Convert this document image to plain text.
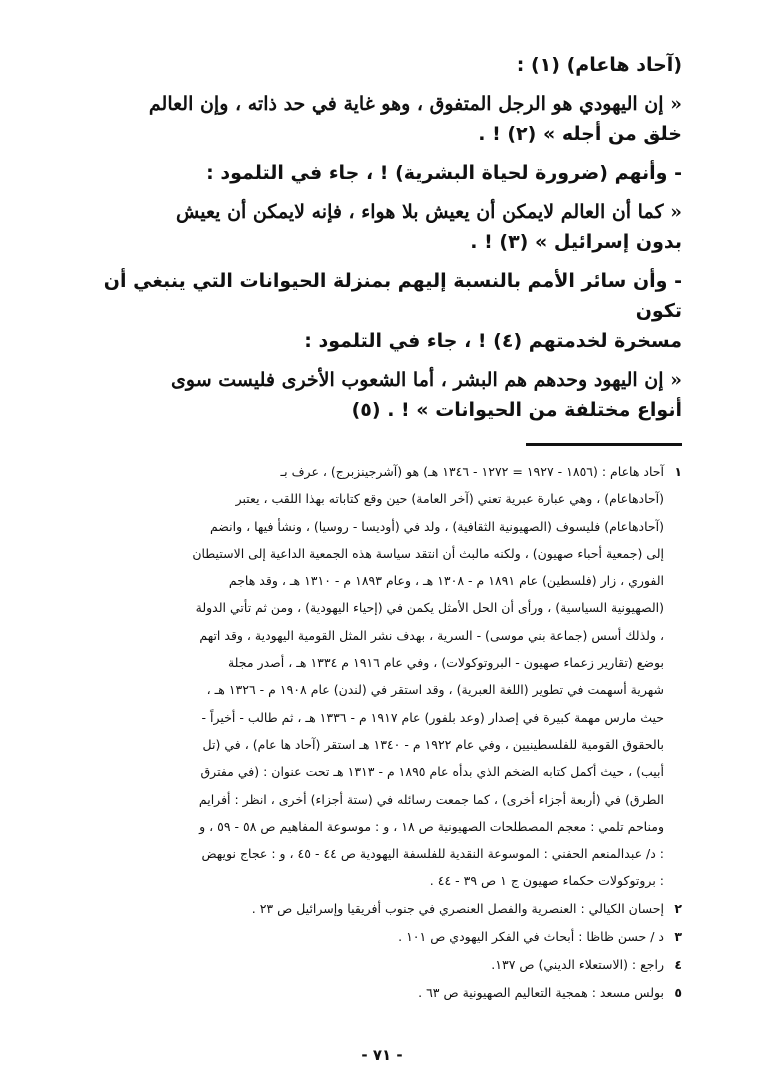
(آحاد هاعام) (١) :

« إن اليهودي هو الرجل المتفوق ، وهو غاية في حد ذاته ، وإن العالم

خلق من أجله » (٢) ! .

- وأنهم (ضرورة لحياة البشرية) ! ، جاء في التلمود :

« كما أن العالم لايمكن أن يعيش بلا هواء ، فإنه لايمكن أن يعيش

بدون إسرائيل » (٣) ! .

- وأن سائر الأمم بالنسبة إليهم بمنزلة الحيوانات التي ينبغي أن تكون

مسخرة لخدمتهم (٤) ! ، جاء في التلمود :

« إن اليهود وحدهم هم البشر ، أما الشعوب الأخرى فليست سوى

أنواع مختلفة من الحيوانات » ! . (٥)

١
آحاد هاعام : (١٨٥٦ - ١٩٢٧ = ١٢٧٢ - ١٣٤٦ هـ) هو (آشرجينزبرج) ، عرف بـ
(آحادهاعام) ، وهي عبارة عبرية تعني (آخر العامة) حين وقع كتاباته بهذا اللقب ، يعتبر
(آحادهاعام) فليسوف (الصهيونية الثقافية) ، ولد في (أوديسا - روسيا) ، ونشأ فيها ، وانضم
إلى (جمعية أحباء صهيون) ، ولكنه مالبث أن انتقد سياسة هذه الجمعية الداعية إلى الاستيطان
الفوري ، زار (فلسطين) عام ١٨٩١ م - ١٣٠٨ هـ ، وعام ١٨٩٣ م - ١٣١٠ هـ ، وقد هاجم
(الصهيونية السياسية) ، ورأى أن الحل الأمثل يكمن في (إحياء اليهودية) ، ومن ثم تأتي الدولة
، ولذلك أسس (جماعة بني موسى) - السرية ، بهدف نشر المثل القومية اليهودية ، وقد اتهم
بوضع (تقارير زعماء صهيون - البروتوكولات) ، وفي عام ١٩١٦ م ١٣٣٤ هـ ، أصدر مجلة
شهرية أسهمت في تطوير (اللغة العبرية) ، وقد استقر في (لندن) عام ١٩٠٨ م - ١٣٢٦ هـ ،
حيث مارس مهمة كبيرة في إصدار (وعد بلفور) عام ١٩١٧ م - ١٣٣٦ هـ ، ثم طالب - أخيراً -
بالحقوق القومية للفلسطينيين ، وفي عام ١٩٢٢ م - ١٣٤٠ هـ استقر (آحاد ها عام) ، في (تل
أبيب) ، حيث أكمل كتابه الضخم الذي بدأه عام ١٨٩٥ م - ١٣١٣ هـ تحت عنوان : (في مفترق
الطرق) في (أربعة أجزاء أخرى) ، كما جمعت رسائله في (ستة أجزاء) أخرى ، انظر : أفرايم
ومناحم تلمي : معجم المصطلحات الصهيونية ص ١٨ ، و : موسوعة المفاهيم ص ٥٨ - ٥٩ ، و
: د/ عبدالمنعم الحفني : الموسوعة النقدية للفلسفة اليهودية ص ٤٤ - ٤٥ ، و : عجاج نويهض
: بروتوكولات حكماء صهيون ج ١ ص ٣٩ - ٤٤ .
٢
إحسان الكيالي : العنصرية والفصل العنصري في جنوب أفريقيا وإسرائيل ص ٢٣ .
٣
د / حسن ظاظا : أبحاث في الفكر اليهودي ص ١٠١ .
٤
راجع : (الاستعلاء الديني) ص ١٣٧.
٥
بولس مسعد : همجية التعاليم الصهيونية ص ٦٣ .
- ٧١ -
